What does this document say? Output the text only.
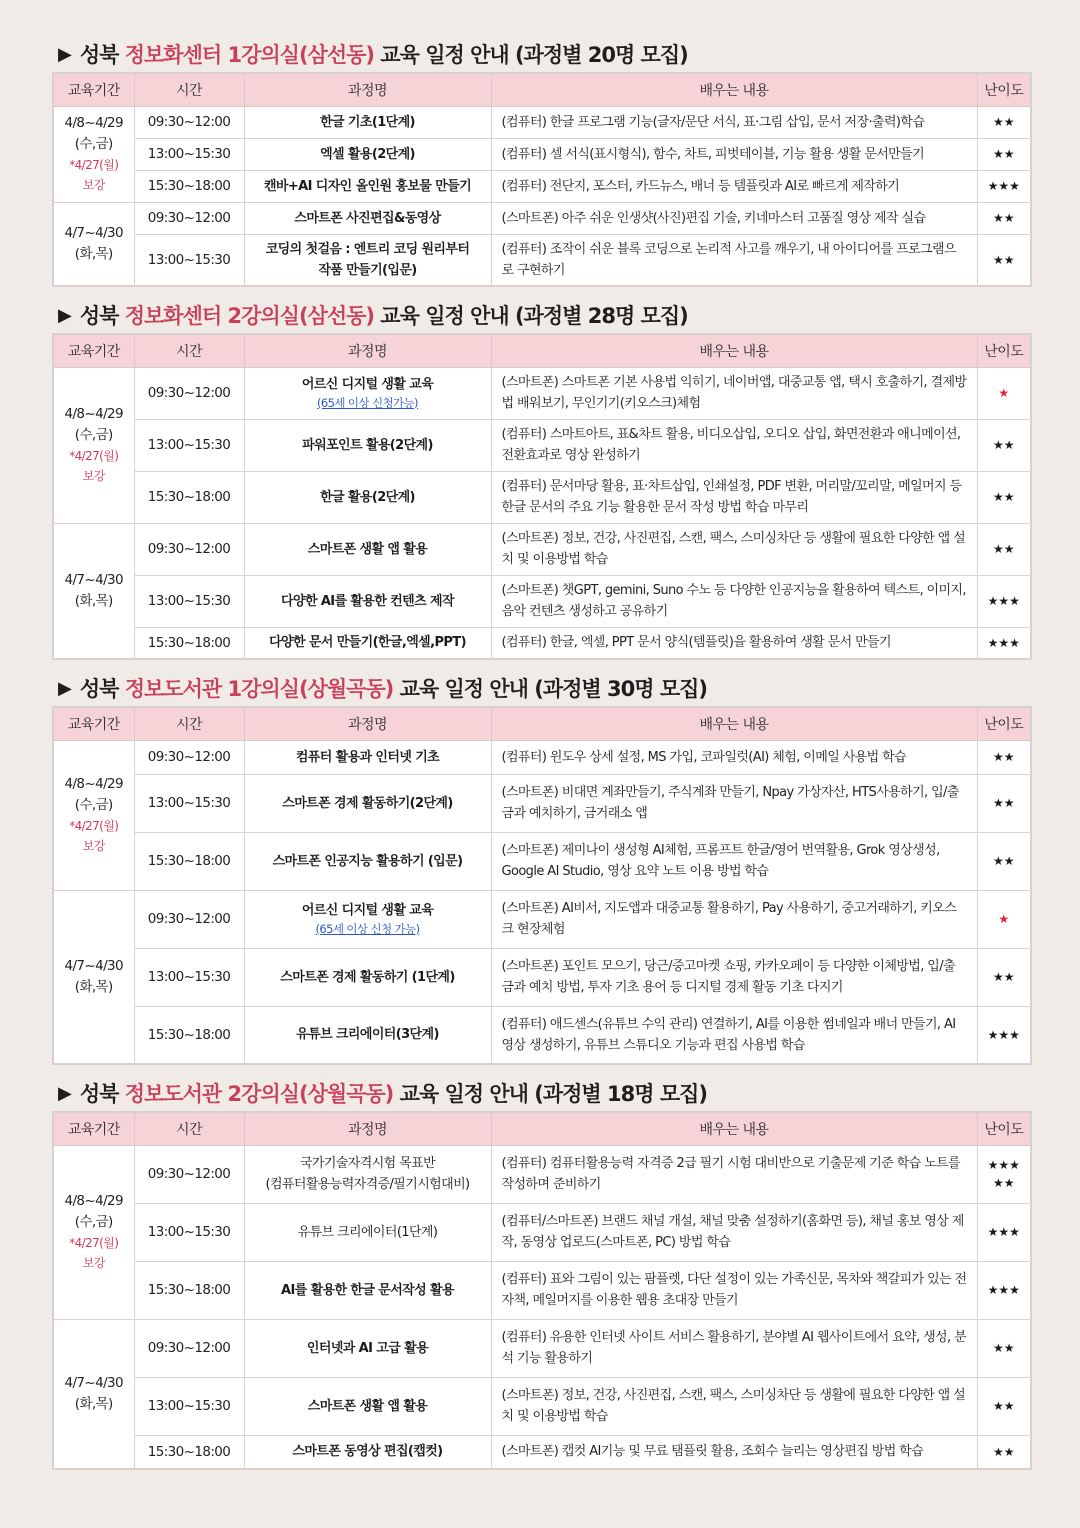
▶ 성북 정보화센터 1강의실(삼선동) 교육 일정 안내 (과정별 20명 모집)
교육기간	시간	과정명	배우는 내용	난이도

4/8~4/29
(수,금)
*4/27(월)
보강	09:30~12:00	한글 기초(1단계)	(컴퓨터) 한글 프로그램 기능(글자/문단 서식, 표·그림 삽입, 문서 저장·출력)학습	★★

	13:00~15:30	엑셀 활용(2단계)	(컴퓨터) 셀 서식(표시형식), 함수, 차트, 피벗테이블, 기능 활용 생활 문서만들기	★★

	15:30~18:00	캔바+AI 디자인 올인원 홍보물 만들기	(컴퓨터) 전단지, 포스터, 카드뉴스, 배너 등 템플릿과 AI로 빠르게 제작하기	★★★

4/7~4/30
(화,목)	09:30~12:00	스마트폰 사진편집&동영상	(스마트폰) 아주 쉬운 인생샷(사진)편집 기술, 키네마스터 고품질 영상 제작 실습	★★

	13:00~15:30	코딩의 첫걸음 : 엔트리 코딩 원리부터
작품 만들기(입문)	(컴퓨터) 조작이 쉬운 블록 코딩으로 논리적 사고를 깨우기, 내 아이디어를 프로그램으로 구현하기	★★
▶ 성북 정보화센터 2강의실(삼선동) 교육 일정 안내 (과정별 28명 모집)
교육기간	시간	과정명	배우는 내용	난이도

4/8~4/29
(수,금)
*4/27(월)
보강	09:30~12:00	어르신 디지털 생활 교육
(65세 이상 신청가능)	(스마트폰) 스마트폰 기본 사용법 익히기, 네이버앱, 대중교통 앱, 택시 호출하기, 결제방법 배워보기, 무인기기(키오스크)체험	★

	13:00~15:30	파워포인트 활용(2단계)	(컴퓨터) 스마트아트, 표&차트 활용, 비디오삽입, 오디오 삽입, 화면전환과 애니메이션, 전환효과로 영상 완성하기	★★

	15:30~18:00	한글 활용(2단계)	(컴퓨터) 문서마당 활용, 표·차트삽입, 인쇄설정, PDF 변환, 머리말/꼬리말, 메일머지 등 한글 문서의 주요 기능 활용한 문서 작성 방법 학습 마무리	★★

4/7~4/30
(화,목)	09:30~12:00	스마트폰 생활 앱 활용	(스마트폰) 정보, 건강, 사진편집, 스캔, 팩스, 스미싱차단 등 생활에 필요한 다양한 앱 설치 및 이용방법 학습	★★

	13:00~15:30	다양한 AI를 활용한 컨텐츠 제작	(스마트폰) 챗GPT, gemini, Suno 수노 등 다양한 인공지능을 활용하여 텍스트, 이미지, 음악 컨텐츠 생성하고 공유하기	★★★

	15:30~18:00	다양한 문서 만들기(한글,엑셀,PPT)	(컴퓨터) 한글, 엑셀, PPT 문서 양식(템플릿)을 활용하여 생활 문서 만들기	★★★
▶ 성북 정보도서관 1강의실(상월곡동) 교육 일정 안내 (과정별 30명 모집)
교육기간	시간	과정명	배우는 내용	난이도

4/8~4/29
(수,금)
*4/27(월)
보강	09:30~12:00	컴퓨터 활용과 인터넷 기초	(컴퓨터) 윈도우 상세 설정, MS 가입, 코파일럿(AI) 체험, 이메일 사용법 학습	★★

	13:00~15:30	스마트폰 경제 활동하기(2단계)	(스마트폰) 비대면 계좌만들기, 주식계좌 만들기, Npay 가상자산, HTS사용하기, 입/출금과 예치하기, 금거래소 앱	★★

	15:30~18:00	스마트폰 인공지능 활용하기 (입문)	(스마트폰) 제미나이 생성형 AI체험, 프롬프트 한글/영어 번역활용, Grok 영상생성, Google AI Studio, 영상 요약 노트 이용 방법 학습	★★

4/7~4/30
(화,목)	09:30~12:00	어르신 디지털 생활 교육
(65세 이상 신청 가능)	(스마트폰) AI비서, 지도앱과 대중교통 활용하기, Pay 사용하기, 중고거래하기, 키오스크 현장체험	★

	13:00~15:30	스마트폰 경제 활동하기 (1단계)	(스마트폰) 포인트 모으기, 당근/중고마켓 쇼핑, 카카오페이 등 다양한 이체방법, 입/출금과 예치 방법, 투자 기초 용어 등 디지털 경제 활동 기초 다지기	★★

	15:30~18:00	유튜브 크리에이터(3단계)	(컴퓨터) 애드센스(유튜브 수익 관리) 연결하기, AI를 이용한 썸네일과 배너 만들기, AI 영상 생성하기, 유튜브 스튜디오 기능과 편집 사용법 학습	★★★
▶ 성북 정보도서관 2강의실(상월곡동) 교육 일정 안내 (과정별 18명 모집)
교육기간	시간	과정명	배우는 내용	난이도

4/8~4/29
(수,금)
*4/27(월)
보강	09:30~12:00	국가기술자격시험 목표반
(컴퓨터활용능력자격증/필기시험대비)	(컴퓨터) 컴퓨터활용능력 자격증 2급 필기 시험 대비반으로 기출문제 기준 학습 노트를 작성하며 준비하기	★★★
★★

	13:00~15:30	유튜브 크리에이터(1단계)	(컴퓨터/스마트폰) 브랜드 채널 개설, 채널 맞춤 설정하기(홈화면 등), 채널 홍보 영상 제작, 동영상 업로드(스마트폰, PC) 방법 학습	★★★

	15:30~18:00	AI를 활용한 한글 문서작성 활용	(컴퓨터) 표와 그림이 있는 팜플렛, 다단 설정이 있는 가족신문, 목차와 책갈피가 있는 전자책, 메일머지를 이용한 웹용 초대장 만들기	★★★

4/7~4/30
(화,목)	09:30~12:00	인터넷과 AI 고급 활용	(컴퓨터) 유용한 인터넷 사이트 서비스 활용하기, 분야별 AI 웹사이트에서 요약, 생성, 분석 기능 활용하기	★★

	13:00~15:30	스마트폰 생활 앱 활용	(스마트폰) 정보, 건강, 사진편집, 스캔, 팩스, 스미싱차단 등 생활에 필요한 다양한 앱 설치 및 이용방법 학습	★★

	15:30~18:00	스마트폰 동영상 편집(캡컷)	(스마트폰) 캡컷 AI기능 및 무료 탬플릿 활용, 조회수 늘리는 영상편집 방법 학습	★★
